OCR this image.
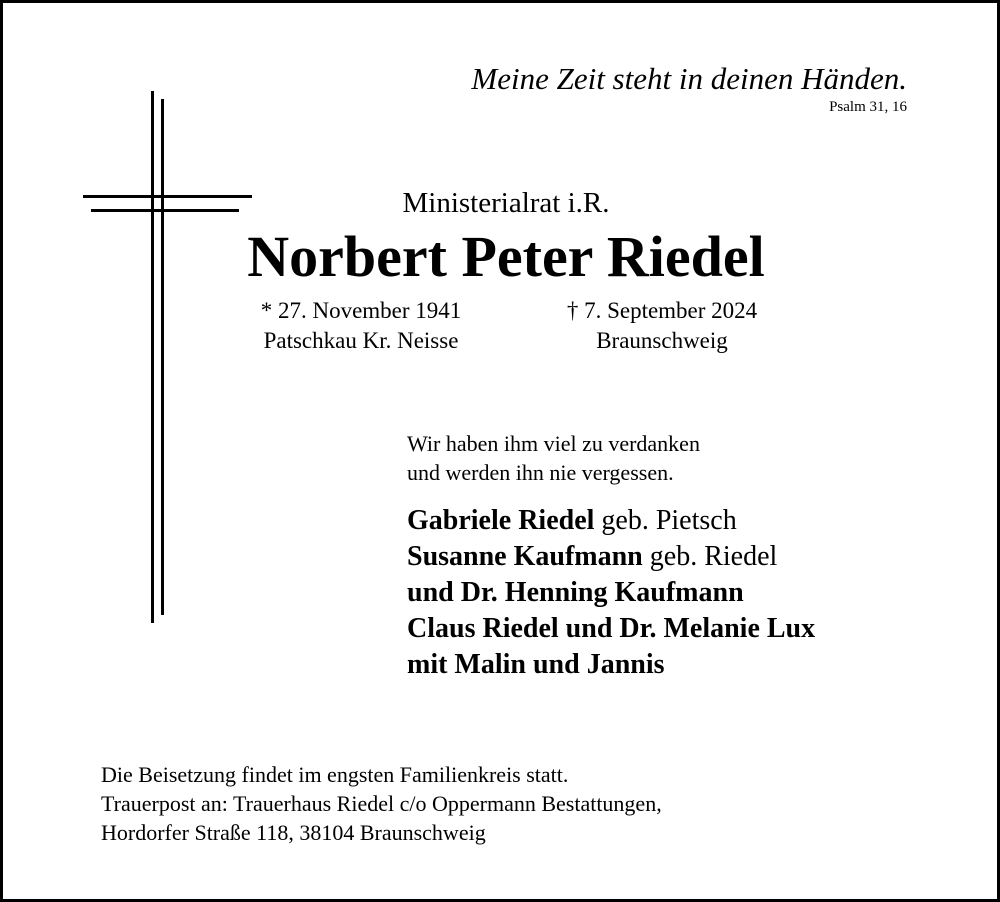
Meine Zeit steht in deinen Händen.
Psalm 31, 16
Ministerialrat i.R.
Norbert Peter Riedel
* 27. November 1941
Patschkau Kr. Neisse
† 7. September 2024
Braunschweig
Wir haben ihm viel zu verdanken
und werden ihn nie vergessen.
Gabriele Riedel geb. Pietsch
Susanne Kaufmann geb. Riedel
und Dr. Henning Kaufmann
Claus Riedel und Dr. Melanie Lux
mit Malin und Jannis
Die Beisetzung findet im engsten Familienkreis statt.
Trauerpost an: Trauerhaus Riedel c/o Oppermann Bestattungen,
Hordorfer Straße 118, 38104 Braunschweig
